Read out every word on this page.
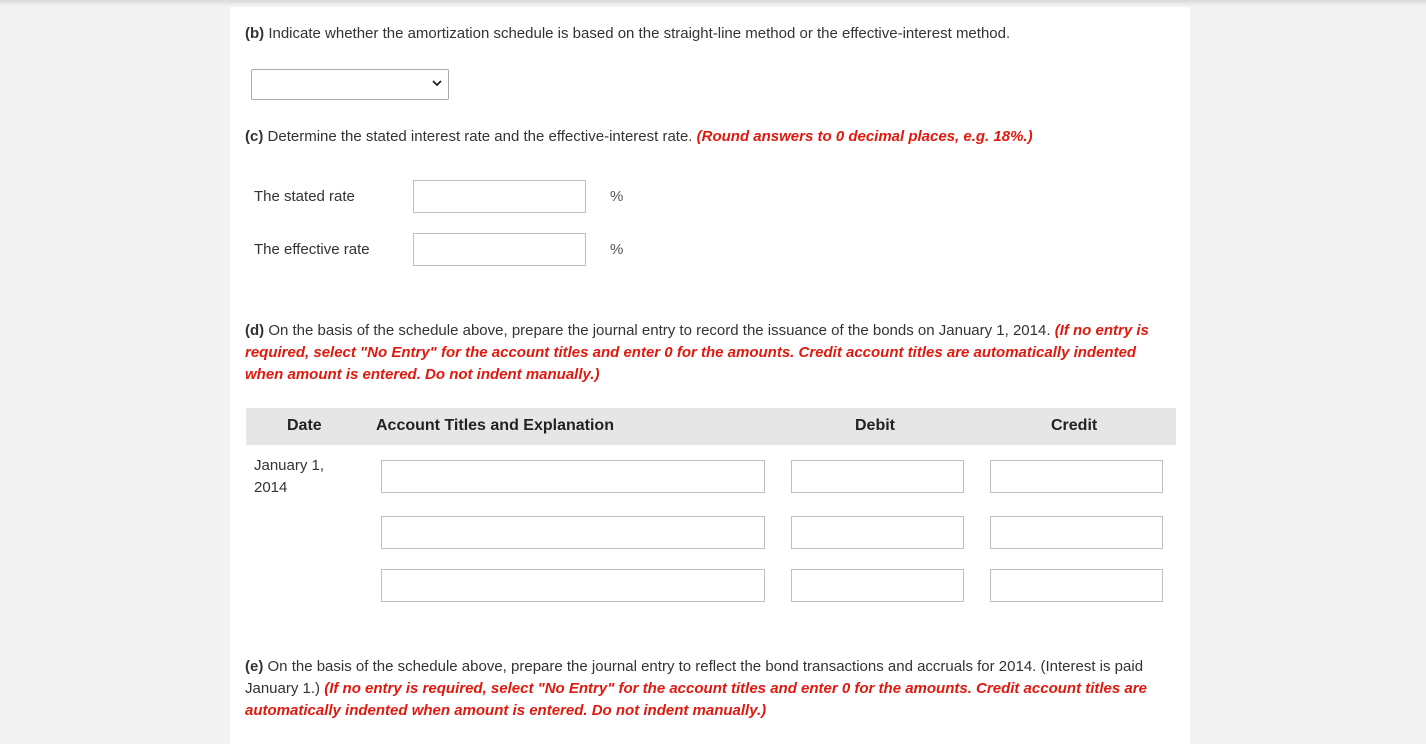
(b) Indicate whether the amortization schedule is based on the straight-line method or the effective-interest method.
(c) Determine the stated interest rate and the effective-interest rate. (Round answers to 0 decimal places, e.g. 18%.)
The stated rate	%
The effective rate	%
(d) On the basis of the schedule above, prepare the journal entry to record the issuance of the bonds on January 1, 2014. (If no entry is required, select "No Entry" for the account titles and enter 0 for the amounts. Credit account titles are automatically indented when amount is entered. Do not indent manually.)
Date	Account Titles and Explanation	Debit	Credit
January 1,
2014
(e) On the basis of the schedule above, prepare the journal entry to reflect the bond transactions and accruals for 2014. (Interest is paid January 1.) (If no entry is required, select "No Entry" for the account titles and enter 0 for the amounts. Credit account titles are automatically indented when amount is entered. Do not indent manually.)
